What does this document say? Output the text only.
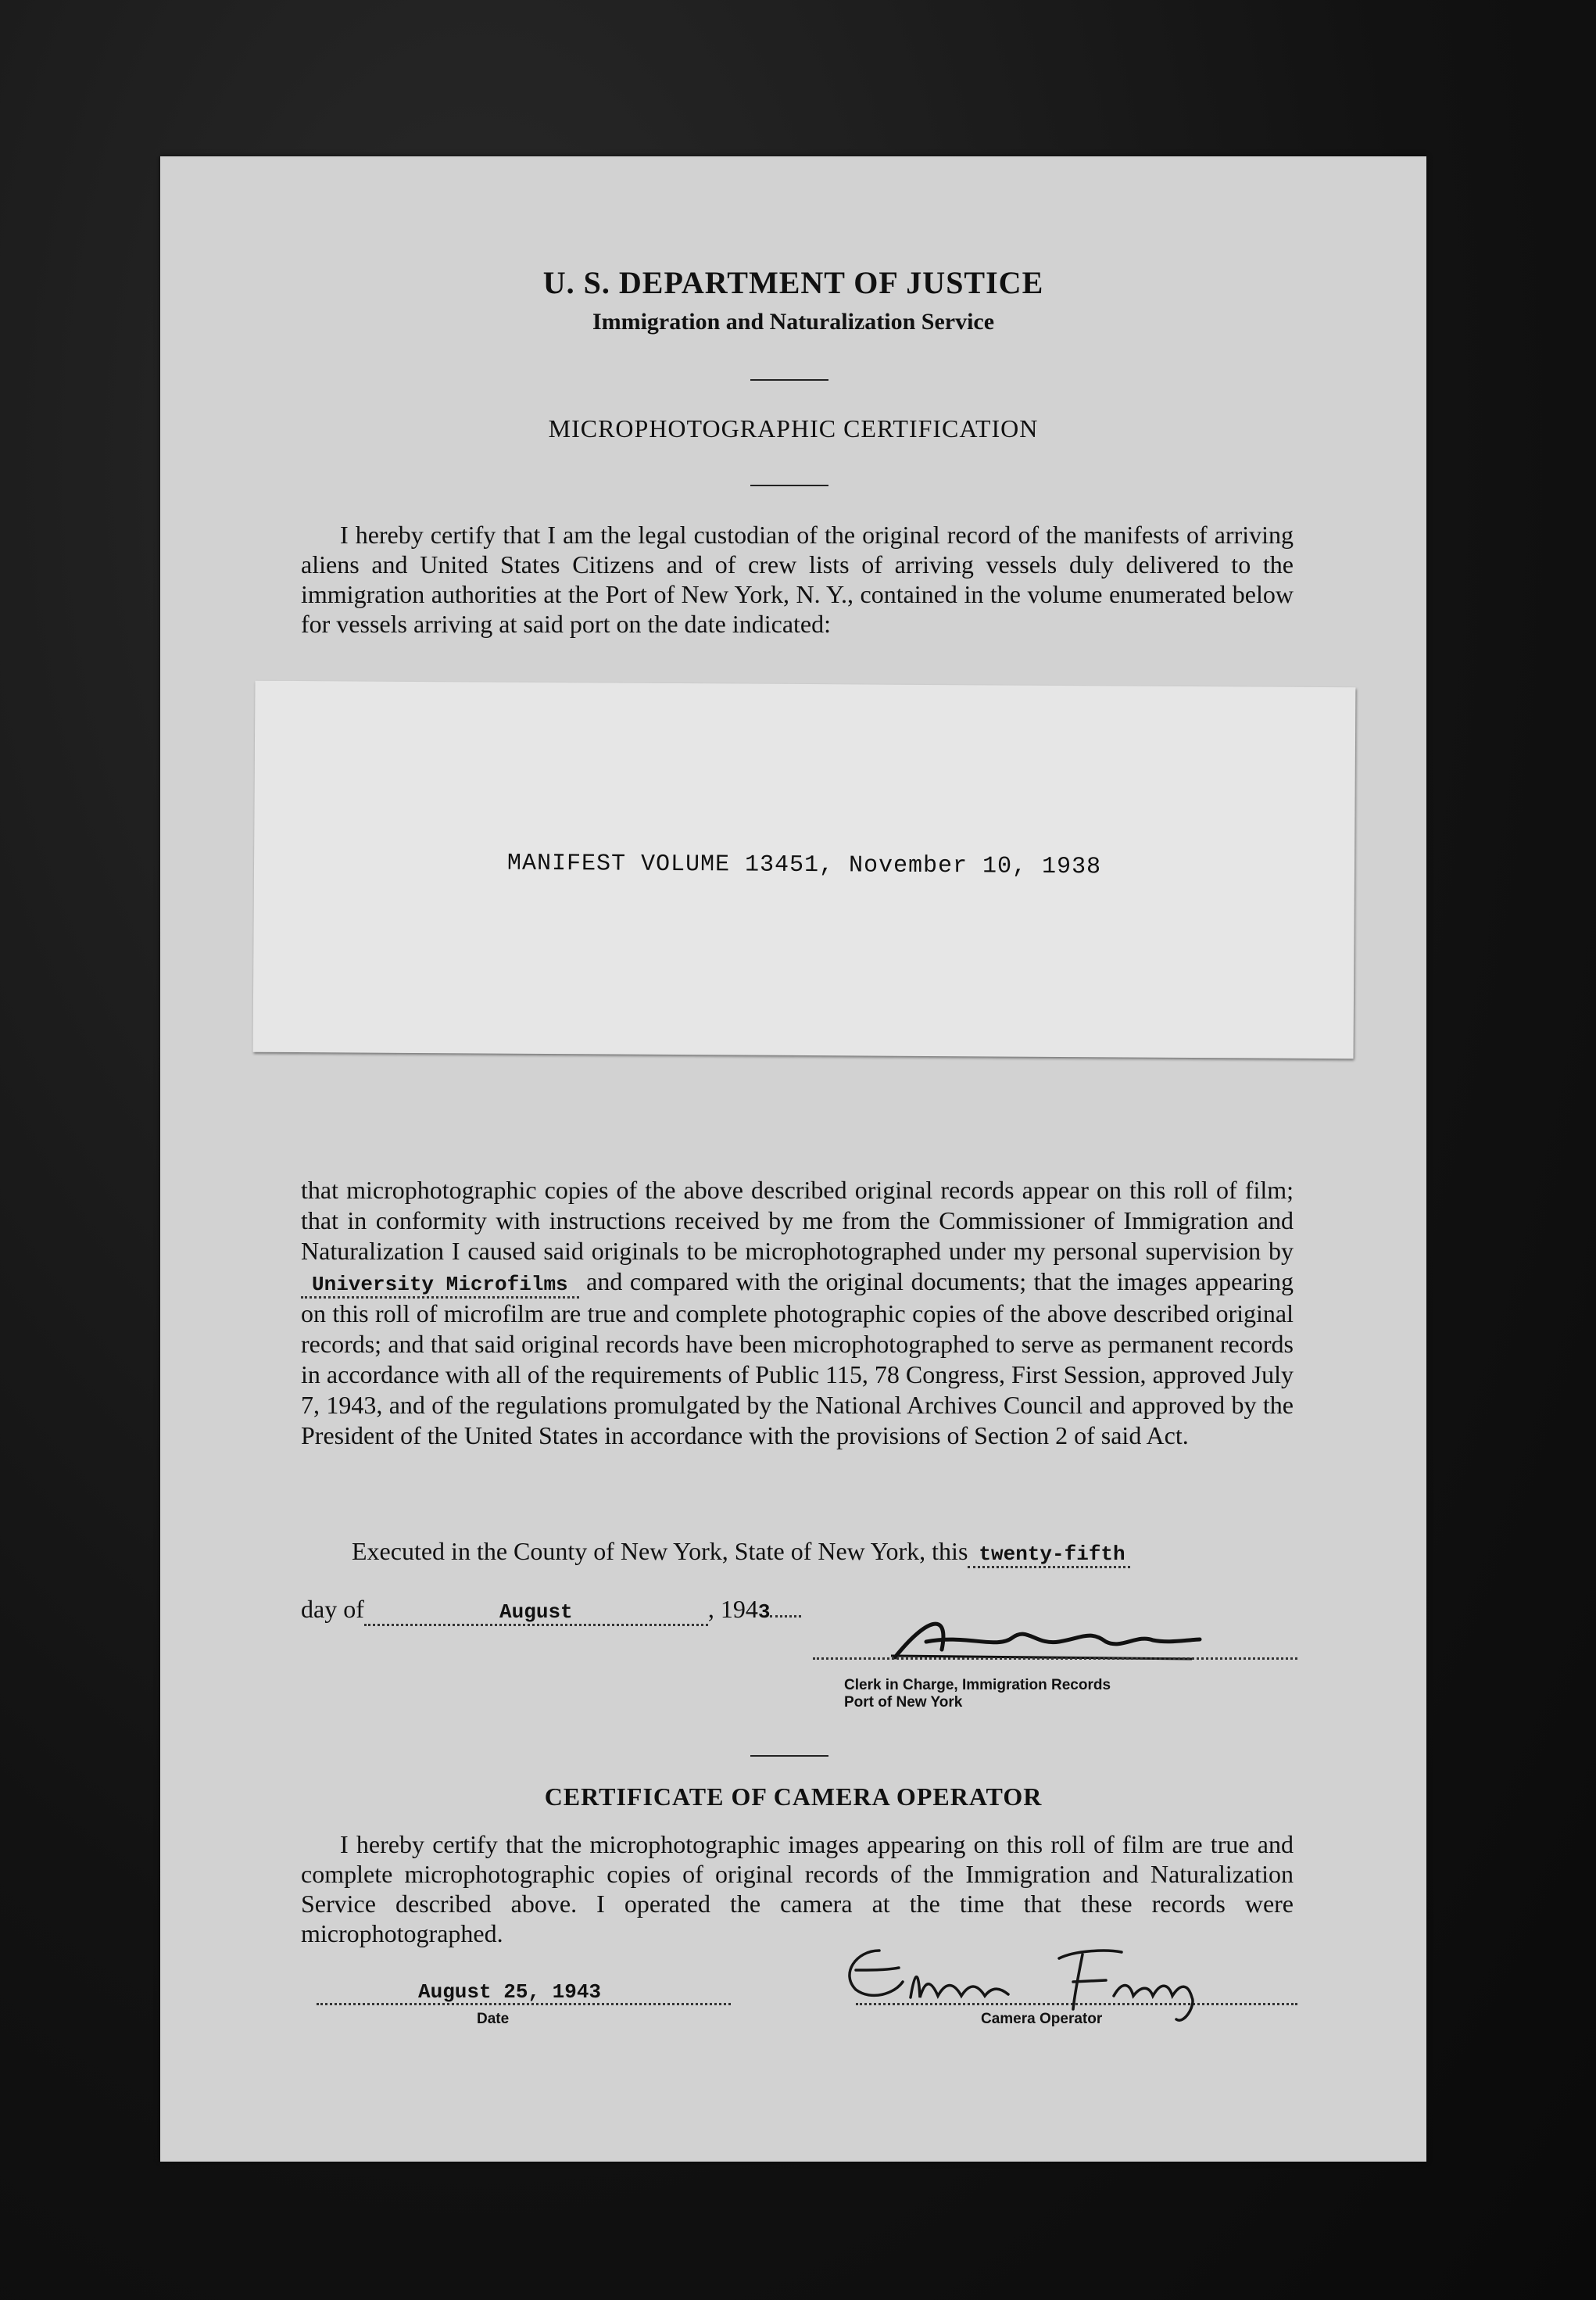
U. S. DEPARTMENT OF JUSTICE
Immigration and Naturalization Service
MICROPHOTOGRAPHIC CERTIFICATION
I hereby certify that I am the legal custodian of the original record of the manifests of arriving aliens and United States Citizens and of crew lists of arriving vessels duly delivered to the immigration authorities at the Port of New York, N. Y., contained in the volume enumerated below for vessels arriving at said port on the date indicated:
MANIFEST VOLUME 13451, November 10, 1938
that microphotographic copies of the above described original records appear on this roll of film; that in conformity with instructions received by me from the Commissioner of Immigration and Naturalization I caused said originals to be microphotographed under my personal supervision byUniversity Microfilms and compared with the original documents; that the images appearing on this roll of microfilm are true and complete photographic copies of the above described original records; and that said original records have been microphotographed to serve as permanent records in accordance with all of the requirements of Public 115, 78 Congress, First Session, approved July 7, 1943, and of the regulations promulgated by the National Archives Council and approved by the President of the United States in accordance with the provisions of Section 2 of said Act.
Executed in the County of New York, State of New York, this twenty-fifth
day of	August	, 1943
Clerk in Charge, Immigration Records
Port of New York
CERTIFICATE OF CAMERA OPERATOR
I hereby certify that the microphotographic images appearing on this roll of film are true and complete microphotographic copies of original records of the Immigration and Naturalization Service described above. I operated the camera at the time that these records were microphotographed.
August 25, 1943
Date	Camera Operator
